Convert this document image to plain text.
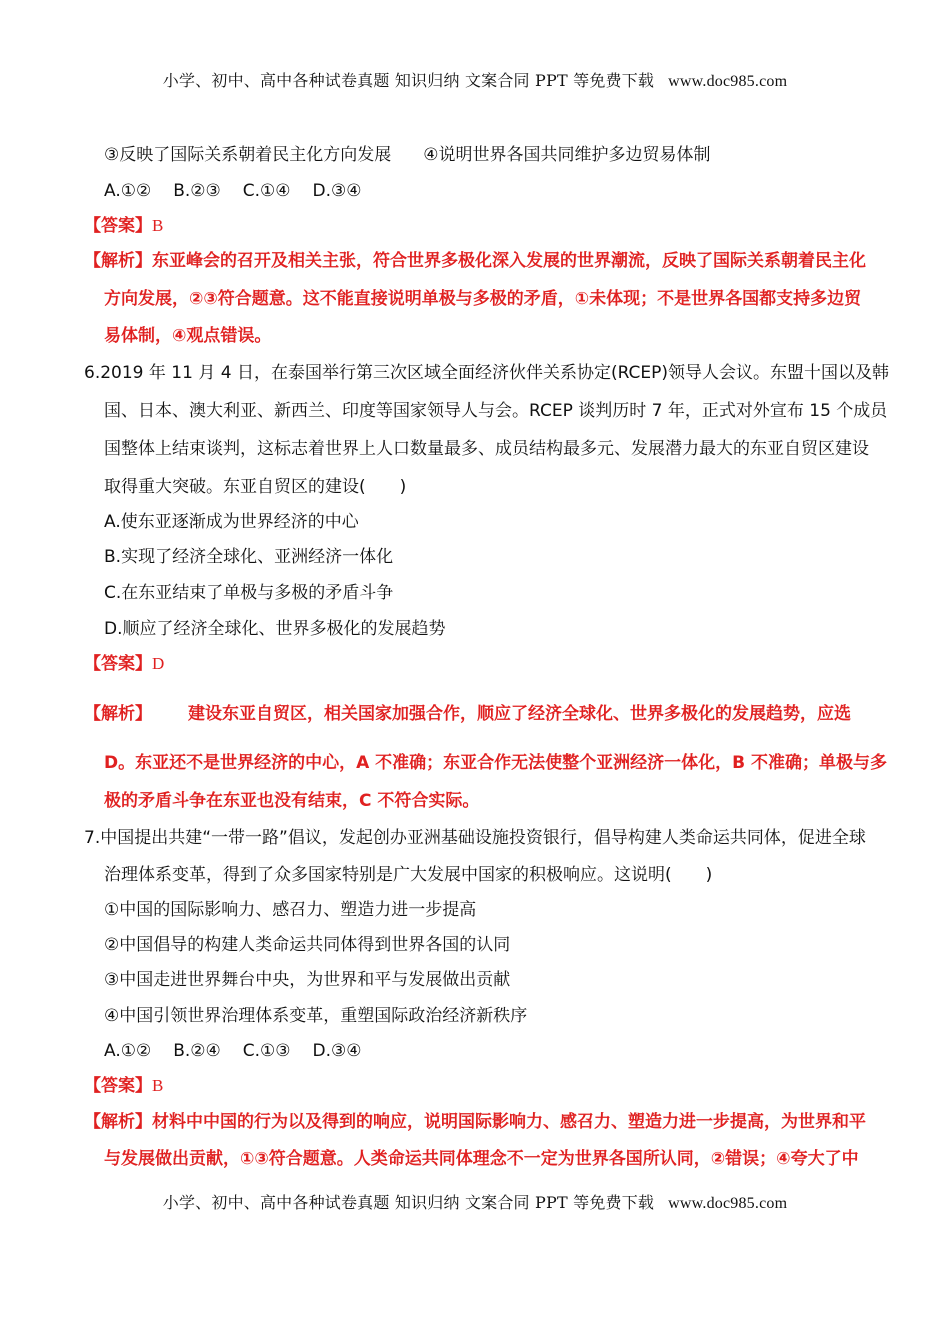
小学、初中、高中各种试卷真题 知识归纳 文案合同 PPT 等免费下载 www.doc985.com
③反映了国际关系朝着民主化方向发展 ④说明世界各国共同维护多边贸易体制
A.①② B.②③ C.①④ D.③④
【答案】B
【解析】东亚峰会的召开及相关主张，符合世界多极化深入发展的世界潮流，反映了国际关系朝着民主化
方向发展，②③符合题意。这不能直接说明单极与多极的矛盾，①未体现；不是世界各国都支持多边贸
易体制，④观点错误。
6.2019 年 11 月 4 日，在泰国举行第三次区域全面经济伙伴关系协定(RCEP)领导人会议。东盟十国以及韩
国、日本、澳大利亚、新西兰、印度等国家领导人与会。RCEP 谈判历时 7 年，正式对外宣布 15 个成员
国整体上结束谈判，这标志着世界上人口数量最多、成员结构最多元、发展潜力最大的东亚自贸区建设
取得重大突破。东亚自贸区的建设(　　)
A.使东亚逐渐成为世界经济的中心
B.实现了经济全球化、亚洲经济一体化
C.在东亚结束了单极与多极的矛盾斗争
D.顺应了经济全球化、世界多极化的发展趋势
【答案】D
【解析】 建设东亚自贸区，相关国家加强合作，顺应了经济全球化、世界多极化的发展趋势，应选
D。东亚还不是世界经济的中心，A 不准确；东亚合作无法使整个亚洲经济一体化，B 不准确；单极与多
极的矛盾斗争在东亚也没有结束，C 不符合实际。
7.中国提出共建“一带一路”倡议，发起创办亚洲基础设施投资银行，倡导构建人类命运共同体，促进全球
治理体系变革，得到了众多国家特别是广大发展中国家的积极响应。这说明(　　)
①中国的国际影响力、感召力、塑造力进一步提高
②中国倡导的构建人类命运共同体得到世界各国的认同
③中国走进世界舞台中央，为世界和平与发展做出贡献
④中国引领世界治理体系变革，重塑国际政治经济新秩序
A.①② B.②④ C.①③ D.③④
【答案】B
【解析】材料中中国的行为以及得到的响应，说明国际影响力、感召力、塑造力进一步提高，为世界和平
与发展做出贡献，①③符合题意。人类命运共同体理念不一定为世界各国所认同，②错误；④夸大了中
小学、初中、高中各种试卷真题 知识归纳 文案合同 PPT 等免费下载 www.doc985.com
